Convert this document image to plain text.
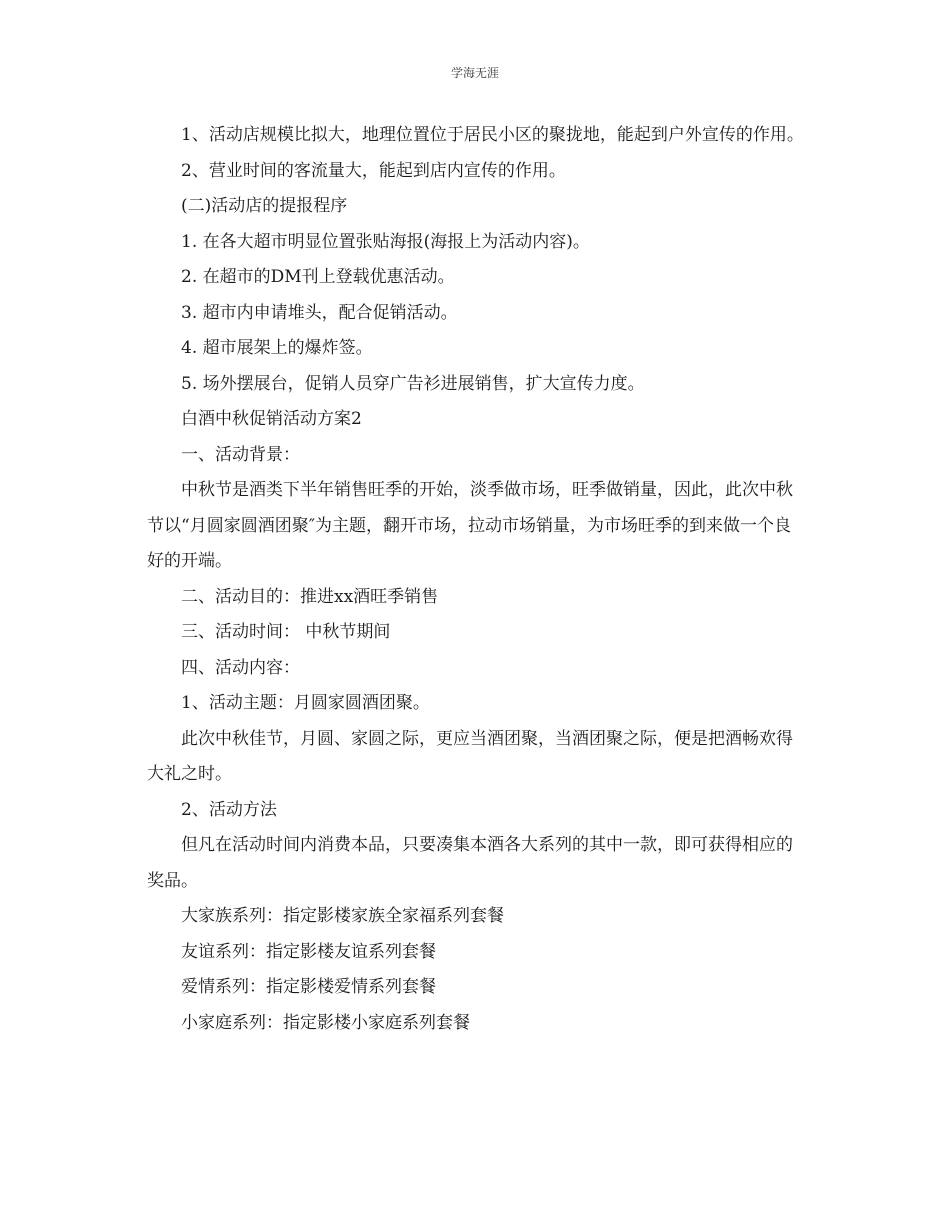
学海无涯

1、活动店规模比拟大，地理位置位于居民小区的聚拢地，能起到户外宣传的作用。

2、营业时间的客流量大，能起到店内宣传的作用。

(二)活动店的提报程序

1. 在各大超市明显位置张贴海报(海报上为活动内容)。

2. 在超市的DM刊上登载优惠活动。

3. 超市内申请堆头，配合促销活动。

4. 超市展架上的爆炸签。

5. 场外摆展台，促销人员穿广告衫进展销售，扩大宣传力度。

白酒中秋促销活动方案2

一、活动背景：

中秋节是酒类下半年销售旺季的开始，淡季做市场，旺季做销量，因此，此次中秋节以“月圆家圆酒团聚″为主题，翻开市场，拉动市场销量，为市场旺季的到来做一个良好的开端。

二、活动目的：推进xx酒旺季销售

三、活动时间： 中秋节期间

四、活动内容：

1、活动主题：月圆家圆酒团聚。

此次中秋佳节，月圆、家圆之际，更应当酒团聚，当酒团聚之际，便是把酒畅欢得大礼之时。

2、活动方法

但凡在活动时间内消费本品，只要凑集本酒各大系列的其中一款，即可获得相应的奖品。

大家族系列：指定影楼家族全家福系列套餐

友谊系列：指定影楼友谊系列套餐

爱情系列：指定影楼爱情系列套餐

小家庭系列：指定影楼小家庭系列套餐
